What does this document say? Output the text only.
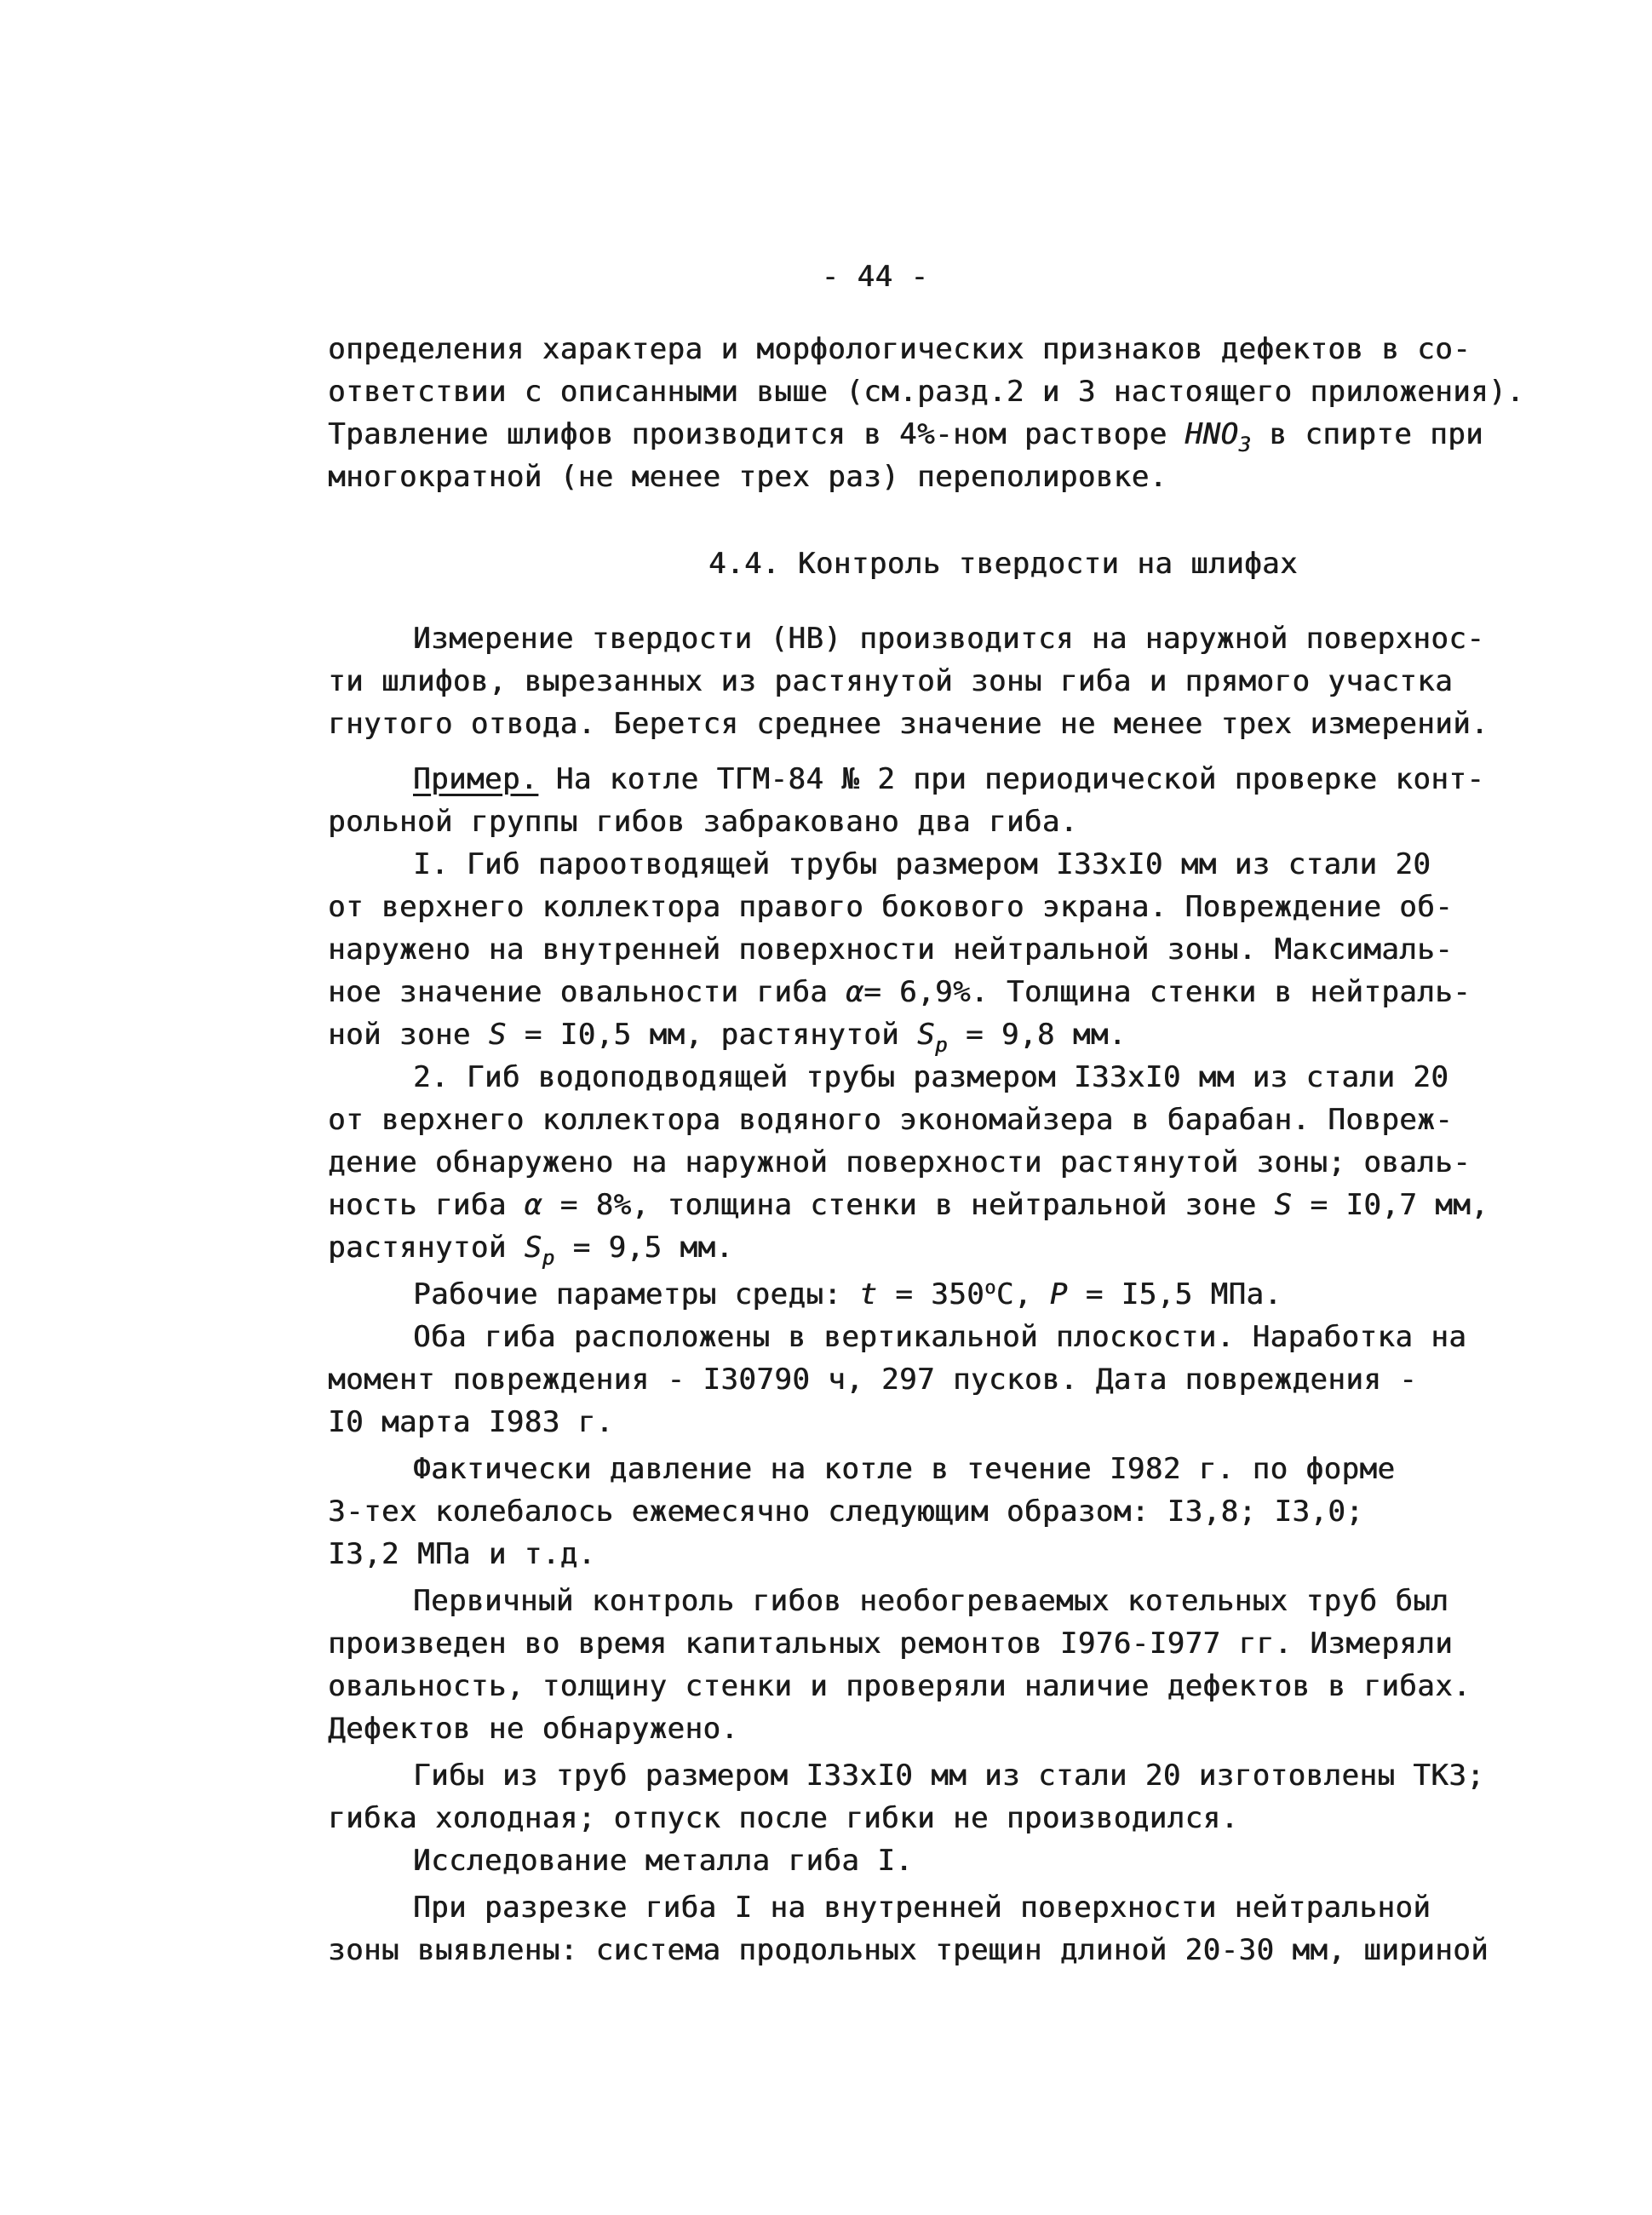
- 44 -
определения характера и морфологических признаков дефектов в со-
ответствии с описанными выше (см.разд.2 и 3 настоящего приложения).
Травление шлифов производится в 4%-ном растворе $HNO_3$ в спирте при
многократной (не менее трех раз) переполировке.
4.4. Контроль твердости на шлифах
Измерение твердости (НВ) производится на наружной поверхнос-
ти шлифов, вырезанных из растянутой зоны гиба и прямого участка
гнутого отвода. Берется среднее значение не менее трех измерений.
Пример. На котле ТГМ-84 № 2 при периодической проверке конт-
рольной группы гибов забраковано два гиба.
I. Гиб пароотводящей трубы размером I33xI0 мм из стали 20
от верхнего коллектора правого бокового экрана. Повреждение об-
наружено на внутренней поверхности нейтральной зоны. Максималь-
ное значение овальности гиба α= 6,9%. Толщина стенки в нейтраль-
ной зоне S = I0,5 мм, растянутой $S_p = 9,8$ мм.
2. Гиб водоподводящей трубы размером I33xI0 мм из стали 20
от верхнего коллектора водяного экономайзера в барабан. Повреж-
дение обнаружено на наружной поверхности растянутой зоны; оваль-
ность гиба α = 8%, толщина стенки в нейтральной зоне S = I0,7 мм,
растянутой $S_p = 9,5$ мм.
Рабочие параметры среды: $t = 350^oC$, P = I5,5 МПа.
Оба гиба расположены в вертикальной плоскости. Наработка на
момент повреждения - I30790 ч, 297 пусков. Дата повреждения -
I0 марта I983 г.
Фактически давление на котле в течение I982 г. по форме
3-тех колебалось ежемесячно следующим образом: I3,8; I3,0;
I3,2 МПа и т.д.
Первичный контроль гибов необогреваемых котельных труб был
произведен во время капитальных ремонтов I976-I977 гг. Измеряли
овальность, толщину стенки и проверяли наличие дефектов в гибах.
Дефектов не обнаружено.
Гибы из труб размером I33xI0 мм из стали 20 изготовлены ТКЗ;
гибка холодная; отпуск после гибки не производился.
Исследование металла гиба I.
При разрезке гиба I на внутренней поверхности нейтральной
зоны выявлены: система продольных трещин длиной 20-30 мм, шириной
